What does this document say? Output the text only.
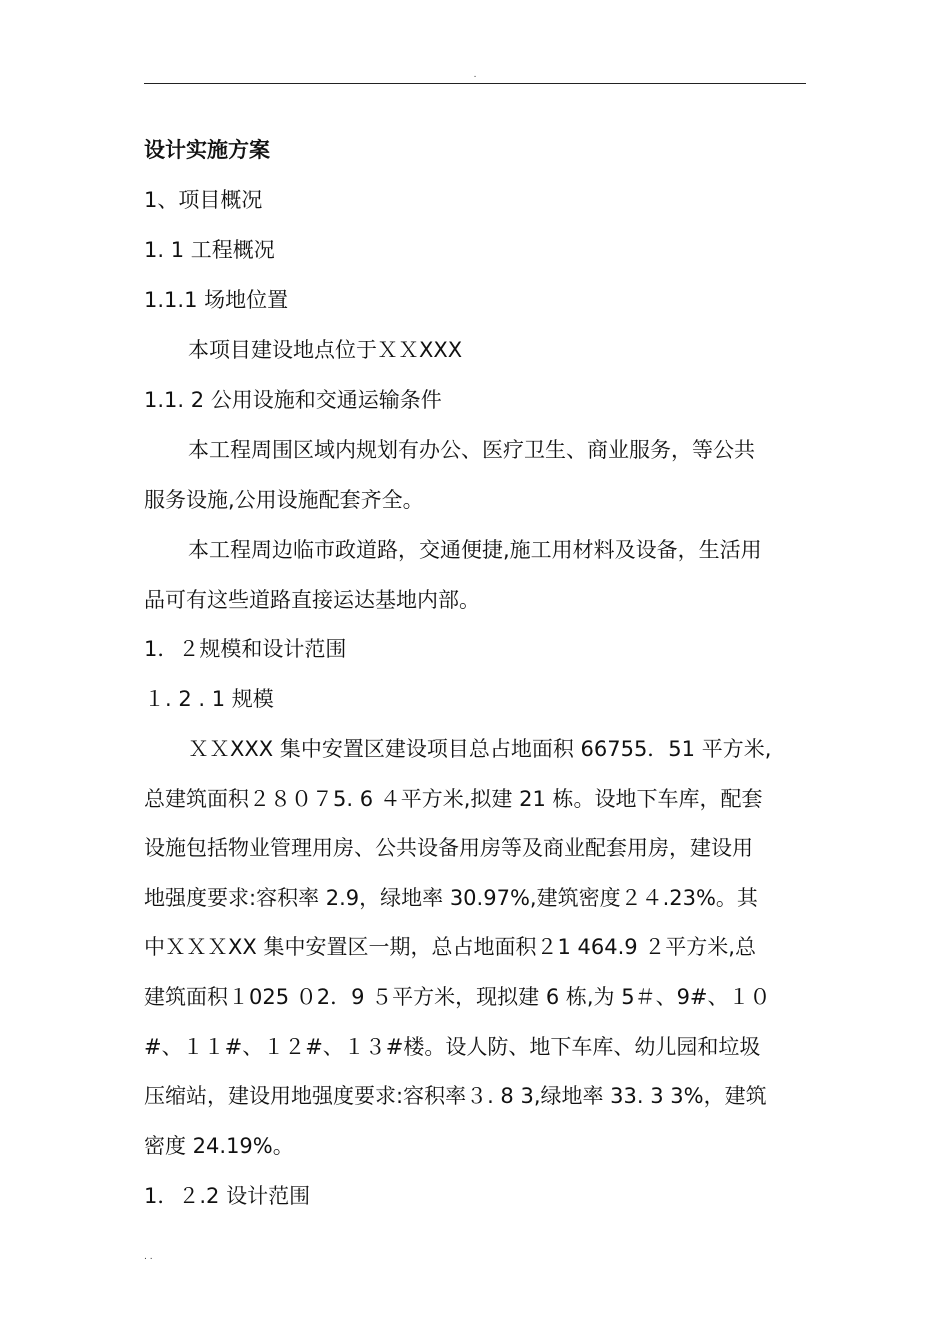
.
设计实施方案
1、项目概况
1. 1 工程概况
1.1.1 场地位置
本项目建设地点位于ＸＸXXX
1.1. 2 公用设施和交通运输条件
本工程周围区域内规划有办公、医疗卫生、商业服务，等公共
服务设施,公用设施配套齐全。
本工程周边临市政道路，交通便捷,施工用材料及设备，生活用
品可有这些道路直接运达基地内部。
1．２规模和设计范围
１. 2 . 1 规模
ＸＸXXX 集中安置区建设项目总占地面积 66755．51 平方米,
总建筑面积２８０７5. 6 ４平方米,拟建 21 栋。设地下车库，配套
设施包括物业管理用房、公共设备用房等及商业配套用房，建设用
地强度要求:容积率 2.9，绿地率 30.97%,建筑密度２４.23%。其
中ＸＸＸXX 集中安置区一期，总占地面积２1 464.9 ２平方米,总
建筑面积１025 ０2．9 ５平方米，现拟建 6 栋,为 5＃、9#、１０
#、１１#、１２#、１３#楼。设人防、地下车库、幼儿园和垃圾
压缩站，建设用地强度要求:容积率３. 8 3,绿地率 33. 3 3%，建筑
密度 24.19%。
1．２.2 设计范围
. .
